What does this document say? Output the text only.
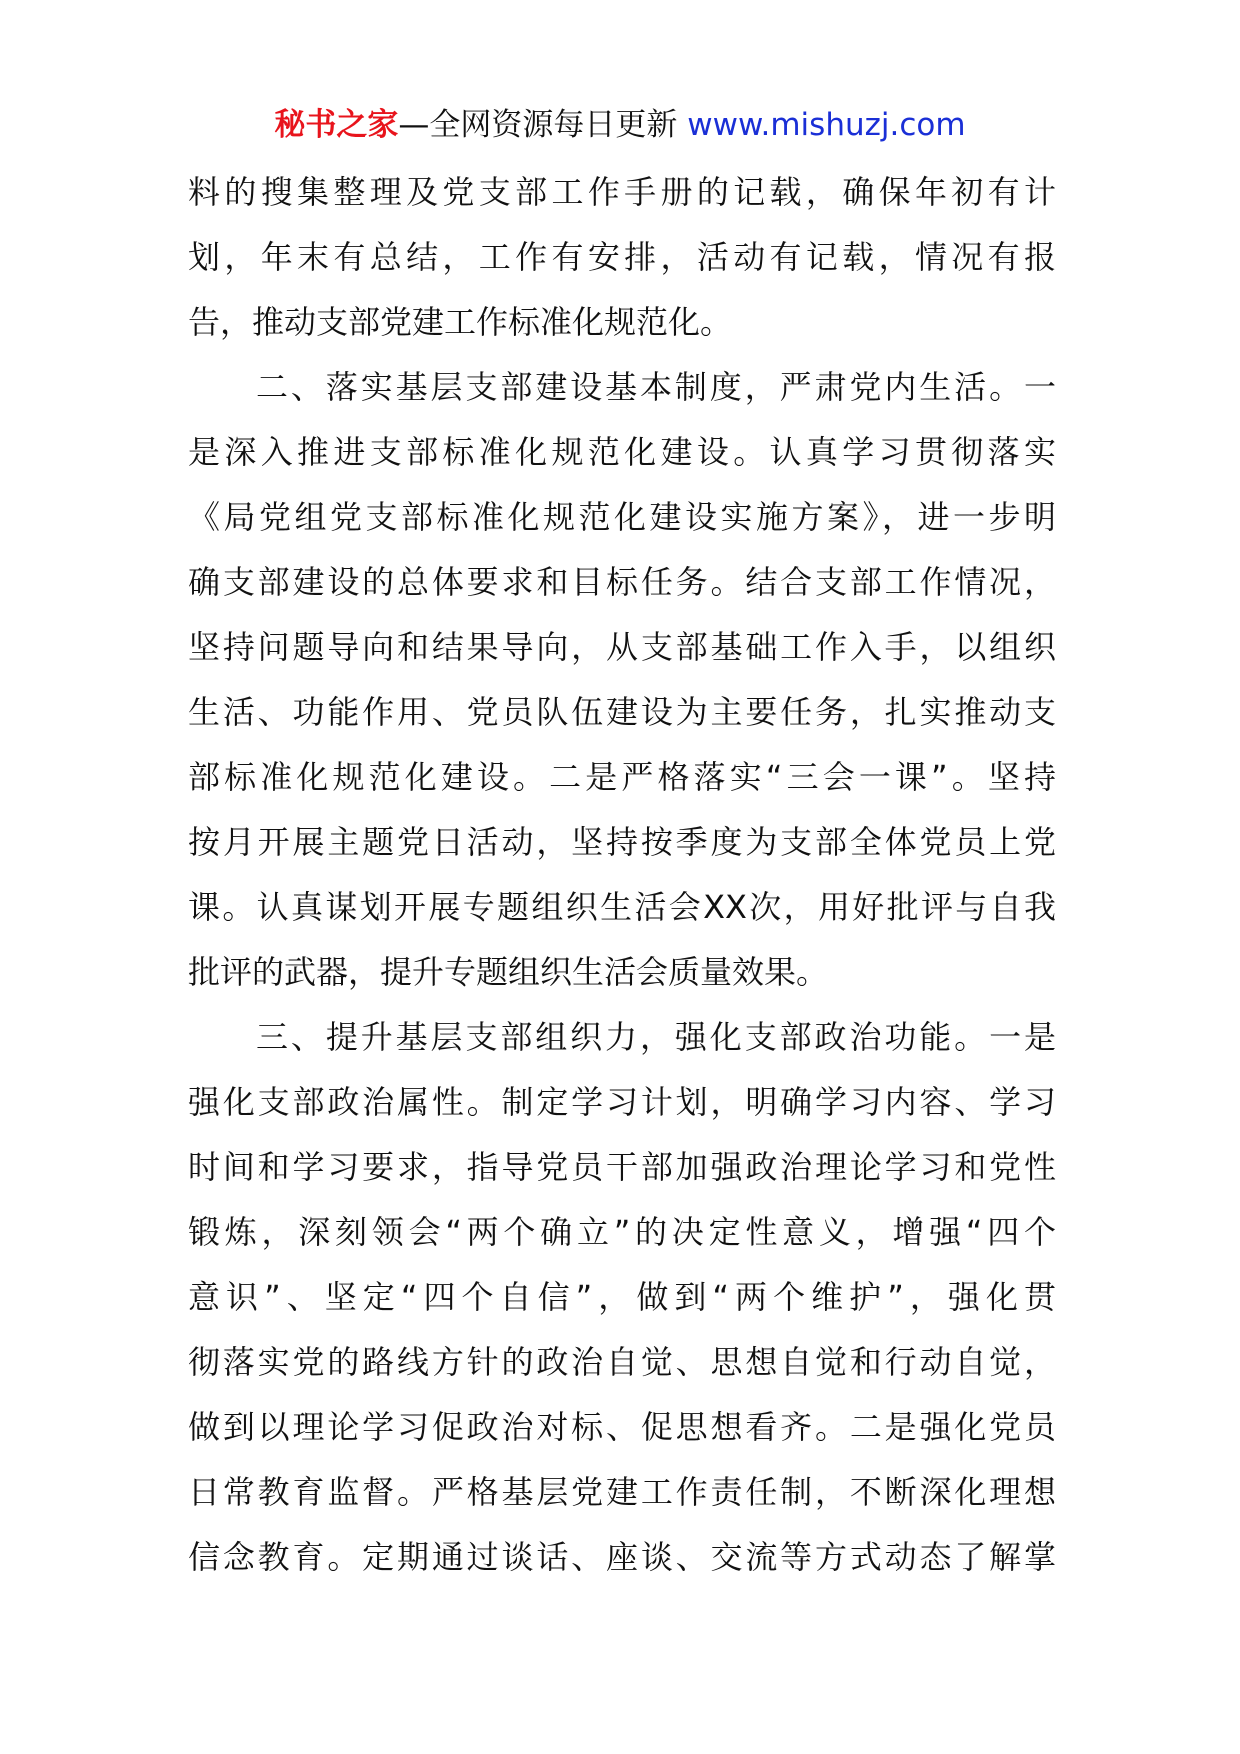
秘书之家—全网资源每日更新 www.mishuzj.com
料的搜集整理及党支部工作手册的记载，确保年初有计
划，年末有总结，工作有安排，活动有记载，情况有报
告，推动支部党建工作标准化规范化。
二、落实基层支部建设基本制度，严肃党内生活。一
是深入推进支部标准化规范化建设。认真学习贯彻落实
《局党组党支部标准化规范化建设实施方案》，进一步明
确支部建设的总体要求和目标任务。结合支部工作情况，
坚持问题导向和结果导向，从支部基础工作入手，以组织
生活、功能作用、党员队伍建设为主要任务，扎实推动支
部标准化规范化建设。二是严格落实“三会一课”。坚持
按月开展主题党日活动，坚持按季度为支部全体党员上党
课。认真谋划开展专题组织生活会XX次，用好批评与自我
批评的武器，提升专题组织生活会质量效果。
三、提升基层支部组织力，强化支部政治功能。一是
强化支部政治属性。制定学习计划，明确学习内容、学习
时间和学习要求，指导党员干部加强政治理论学习和党性
锻炼，深刻领会“两个确立”的决定性意义，增强“四个
意识”、坚定“四个自信”，做到“两个维护”，强化贯
彻落实党的路线方针的政治自觉、思想自觉和行动自觉，
做到以理论学习促政治对标、促思想看齐。二是强化党员
日常教育监督。严格基层党建工作责任制，不断深化理想
信念教育。定期通过谈话、座谈、交流等方式动态了解掌
